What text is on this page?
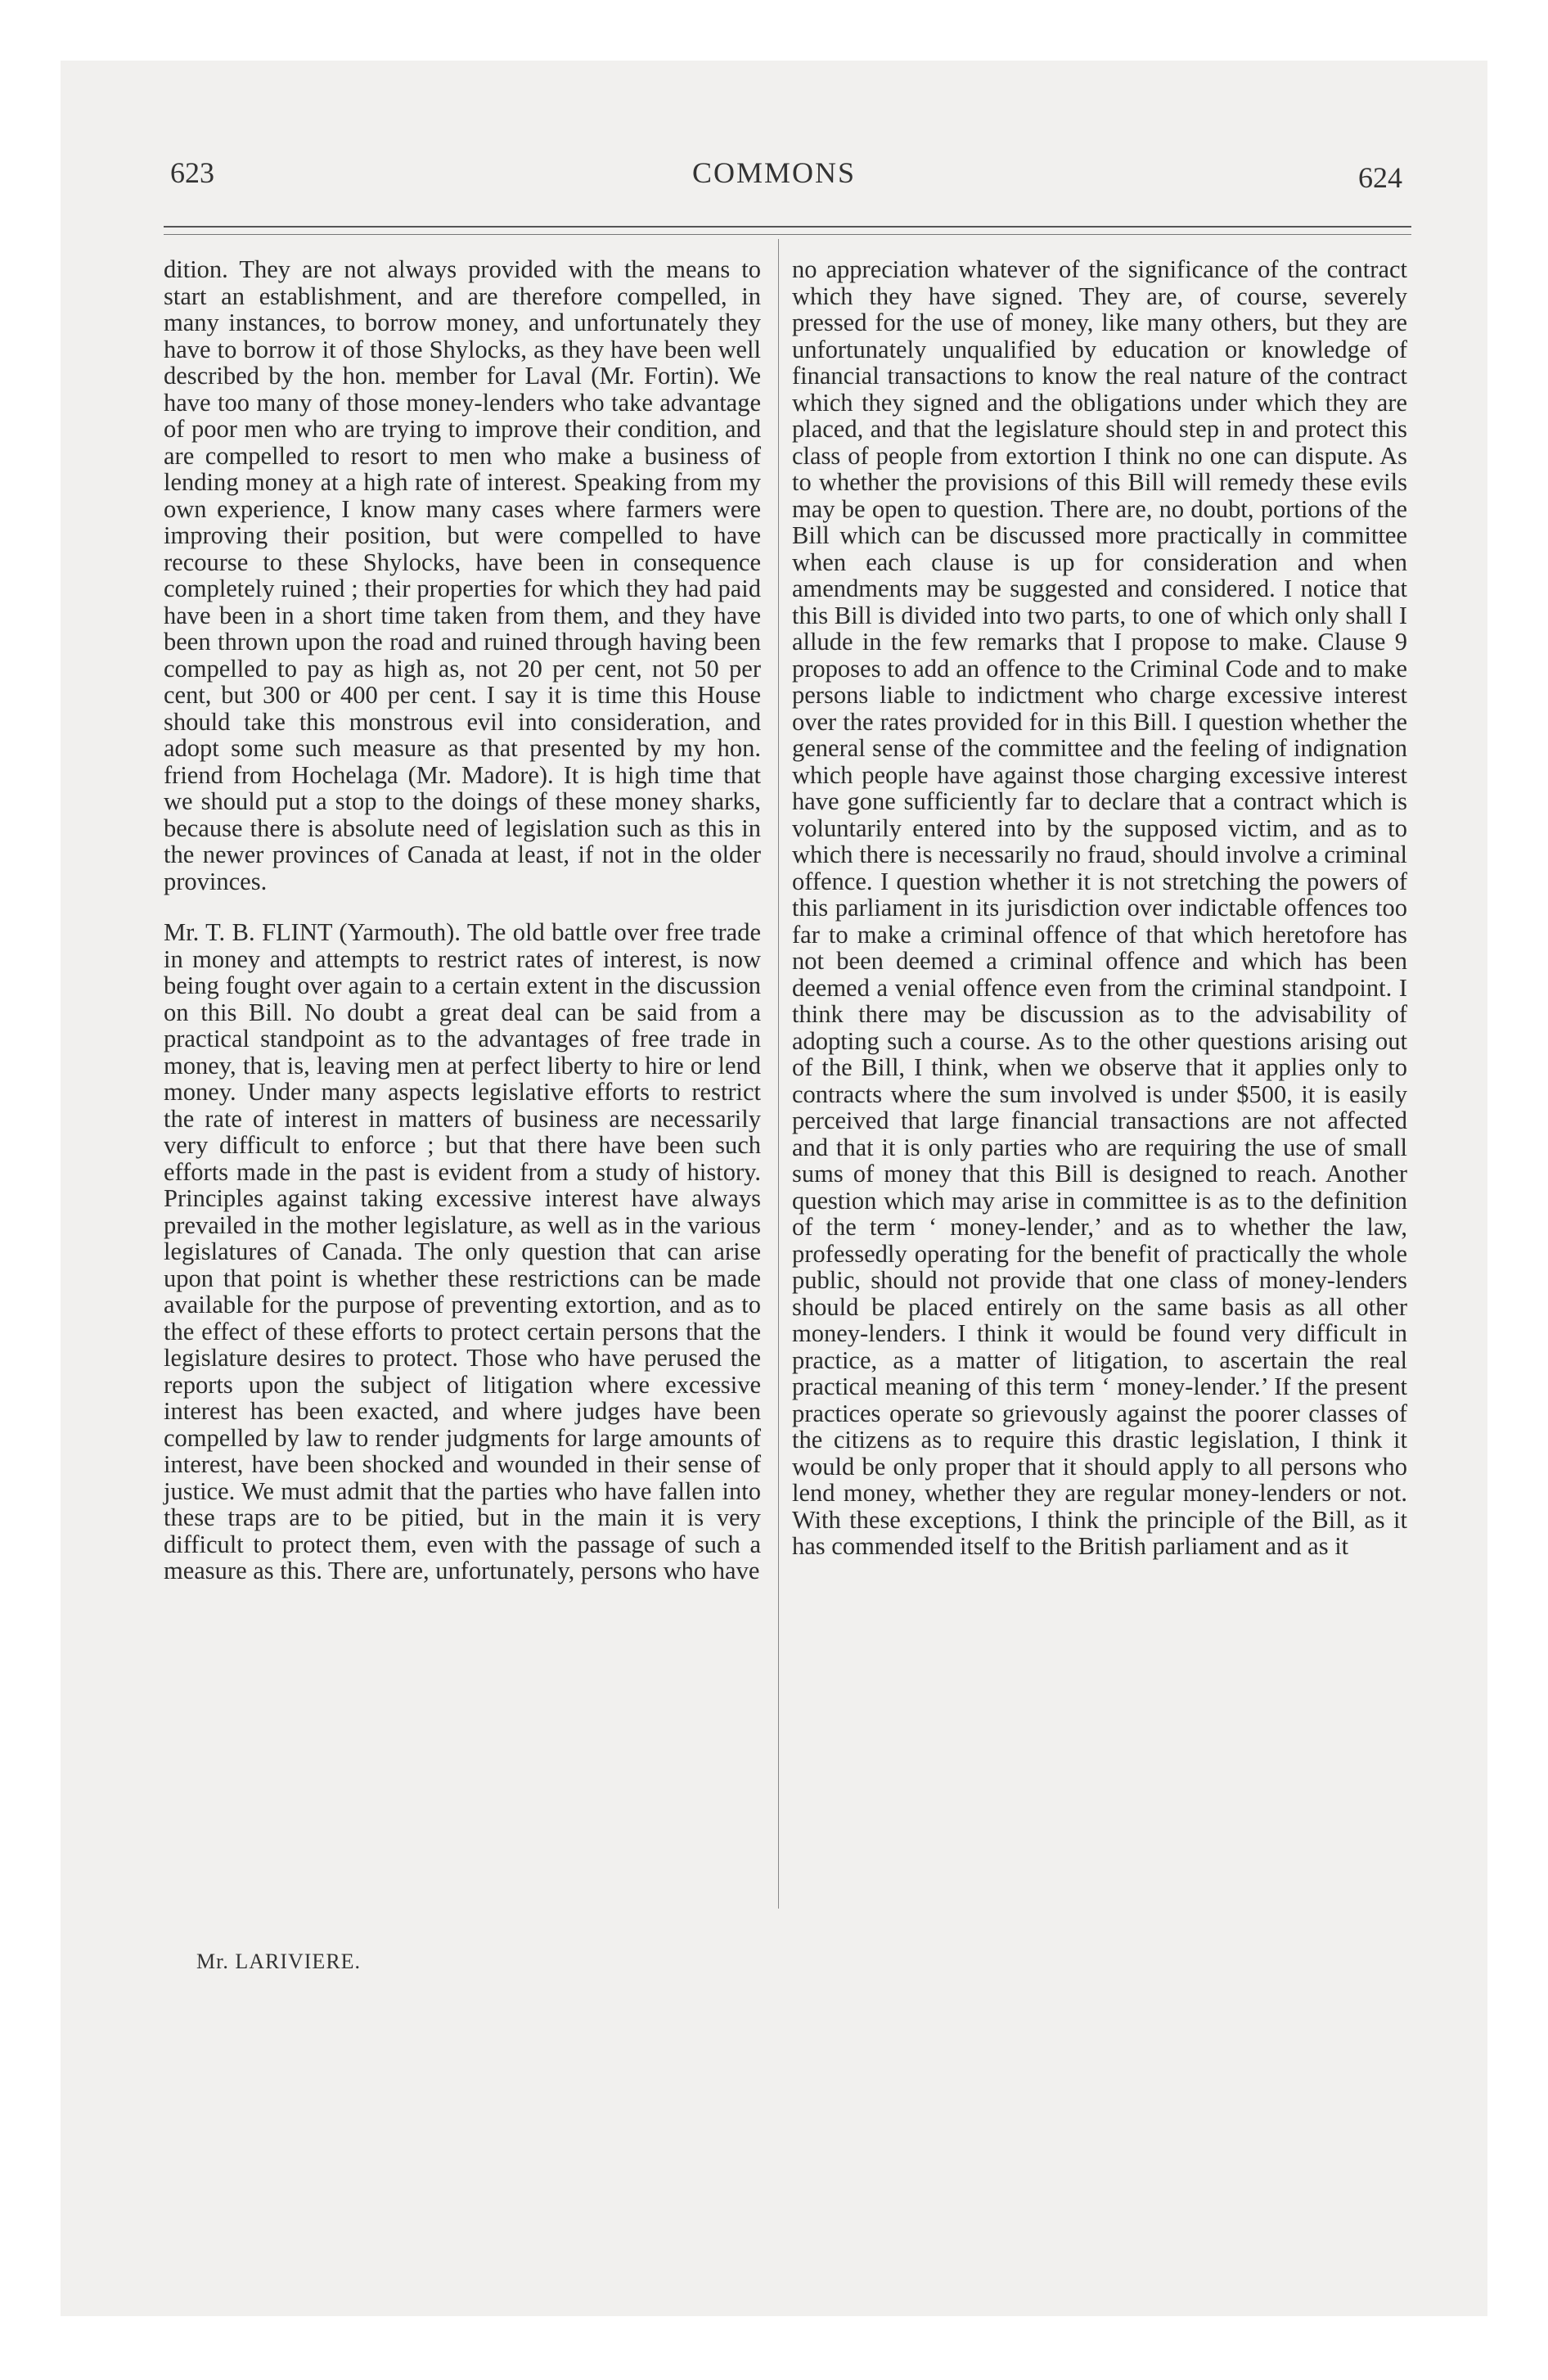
623	COMMONS	624

dition. They are not always provided with the means to start an establishment, and are therefore compelled, in many instances, to borrow money, and unfortunately they have to borrow it of those Shylocks, as they have been well described by the hon. member for Laval (Mr. Fortin). We have too many of those money-lenders who take advantage of poor men who are trying to improve their condition, and are compelled to resort to men who make a business of lending money at a high rate of interest. Speaking from my own experience, I know many cases where farmers were improving their position, but were compelled to have recourse to these Shylocks, have been in consequence completely ruined ; their properties for which they had paid have been in a short time taken from them, and they have been thrown upon the road and ruined through having been compelled to pay as high as, not 20 per cent, not 50 per cent, but 300 or 400 per cent. I say it is time this House should take this monstrous evil into consideration, and adopt some such measure as that presented by my hon. friend from Hochelaga (Mr. Madore). It is high time that we should put a stop to the doings of these money sharks, because there is absolute need of legislation such as this in the newer provinces of Canada at least, if not in the older provinces.

Mr. T. B. FLINT (Yarmouth). The old battle over free trade in money and attempts to restrict rates of interest, is now being fought over again to a certain extent in the discussion on this Bill. No doubt a great deal can be said from a practical standpoint as to the advantages of free trade in money, that is, leaving men at perfect liberty to hire or lend money. Under many aspects legislative efforts to restrict the rate of interest in matters of business are necessarily very difficult to enforce ; but that there have been such efforts made in the past is evident from a study of history. Principles against taking excessive interest have always prevailed in the mother legislature, as well as in the various legislatures of Canada. The only question that can arise upon that point is whether these restrictions can be made available for the purpose of preventing extortion, and as to the effect of these efforts to protect certain persons that the legislature desires to protect. Those who have perused the reports upon the subject of litigation where excessive interest has been exacted, and where judges have been compelled by law to render judgments for large amounts of interest, have been shocked and wounded in their sense of justice. We must admit that the parties who have fallen into these traps are to be pitied, but in the main it is very difficult to protect them, even with the passage of such a measure as this. There are, unfortunately, persons who have

no appreciation whatever of the significance of the contract which they have signed. They are, of course, severely pressed for the use of money, like many others, but they are unfortunately unqualified by education or knowledge of financial transactions to know the real nature of the contract which they signed and the obligations under which they are placed, and that the legislature should step in and protect this class of people from extortion I think no one can dispute. As to whether the provisions of this Bill will remedy these evils may be open to question. There are, no doubt, portions of the Bill which can be discussed more practically in committee when each clause is up for consideration and when amendments may be suggested and considered. I notice that this Bill is divided into two parts, to one of which only shall I allude in the few remarks that I propose to make. Clause 9 proposes to add an offence to the Criminal Code and to make persons liable to indictment who charge excessive interest over the rates provided for in this Bill. I question whether the general sense of the committee and the feeling of indignation which people have against those charging excessive interest have gone sufficiently far to declare that a contract which is voluntarily entered into by the supposed victim, and as to which there is necessarily no fraud, should involve a criminal offence. I question whether it is not stretching the powers of this parliament in its jurisdiction over indictable offences too far to make a criminal offence of that which heretofore has not been deemed a criminal offence and which has been deemed a venial offence even from the criminal standpoint. I think there may be discussion as to the advisability of adopting such a course. As to the other questions arising out of the Bill, I think, when we observe that it applies only to contracts where the sum involved is under $500, it is easily perceived that large financial transactions are not affected and that it is only parties who are requiring the use of small sums of money that this Bill is designed to reach. Another question which may arise in committee is as to the definition of the term ‘ money-lender,’ and as to whether the law, professedly operating for the benefit of practically the whole public, should not provide that one class of money-lenders should be placed entirely on the same basis as all other money-lenders. I think it would be found very difficult in practice, as a matter of litigation, to ascertain the real practical meaning of this term ‘ money-lender.’ If the present practices operate so grievously against the poorer classes of the citizens as to require this drastic legislation, I think it would be only proper that it should apply to all persons who lend money, whether they are regular money-lenders or not. With these exceptions, I think the principle of the Bill, as it has commended itself to the British parliament and as it

Mr. LARIVIERE.
